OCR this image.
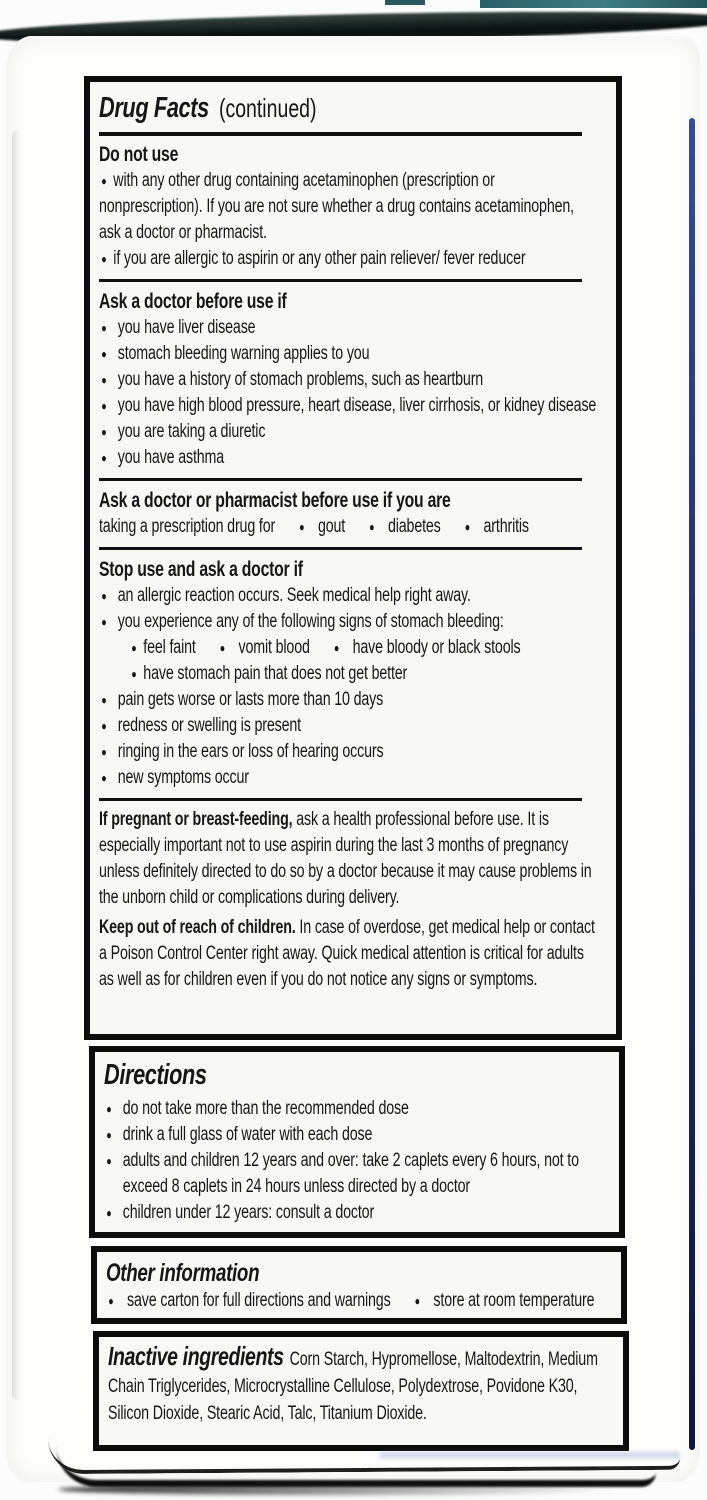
Drug Facts (continued)
Do not use

● with any other drug containing acetaminophen (prescription or nonprescription). If you are not sure whether a drug contains acetaminophen, ask a doctor or pharmacist.

● if you are allergic to aspirin or any other pain reliever/ fever reducer

Ask a doctor before use if
● you have liver disease
● stomach bleeding warning applies to you
● you have a history of stomach problems, such as heartburn
● you have high blood pressure, heart disease, liver cirrhosis, or kidney disease
● you are taking a diuretic
● you have asthma
Ask a doctor or pharmacist before use if you are

taking a prescription drug for ● gout ● diabetes ● arthritis

Stop use and ask a doctor if
● an allergic reaction occurs. Seek medical help right away.
● you experience any of the following signs of stomach bleeding:

● feel faint ● vomit blood ● have bloody or black stools

● have stomach pain that does not get better

● pain gets worse or lasts more than 10 days
● redness or swelling is present
● ringing in the ears or loss of hearing occurs
● new symptoms occur

If pregnant or breast-feeding, ask a health professional before use. It is especially important not to use aspirin during the last 3 months of pregnancy unless definitely directed to do so by a doctor because it may cause problems in the unborn child or complications during delivery.

Keep out of reach of children. In case of overdose, get medical help or contact a Poison Control Center right away. Quick medical attention is critical for adults as well as for children even if you do not notice any signs or symptoms.

Directions
● do not take more than the recommended dose
● drink a full glass of water with each dose
● adults and children 12 years and over: take 2 caplets every 6 hours, not to exceed 8 caplets in 24 hours unless directed by a doctor
● children under 12 years: consult a doctor
Other information

● save carton for full directions and warnings ● store at room temperature

Inactive ingredients Corn Starch, Hypromellose, Maltodextrin, Medium Chain Triglycerides, Microcrystalline Cellulose, Polydextrose, Povidone K30, Silicon Dioxide, Stearic Acid, Talc, Titanium Dioxide.
